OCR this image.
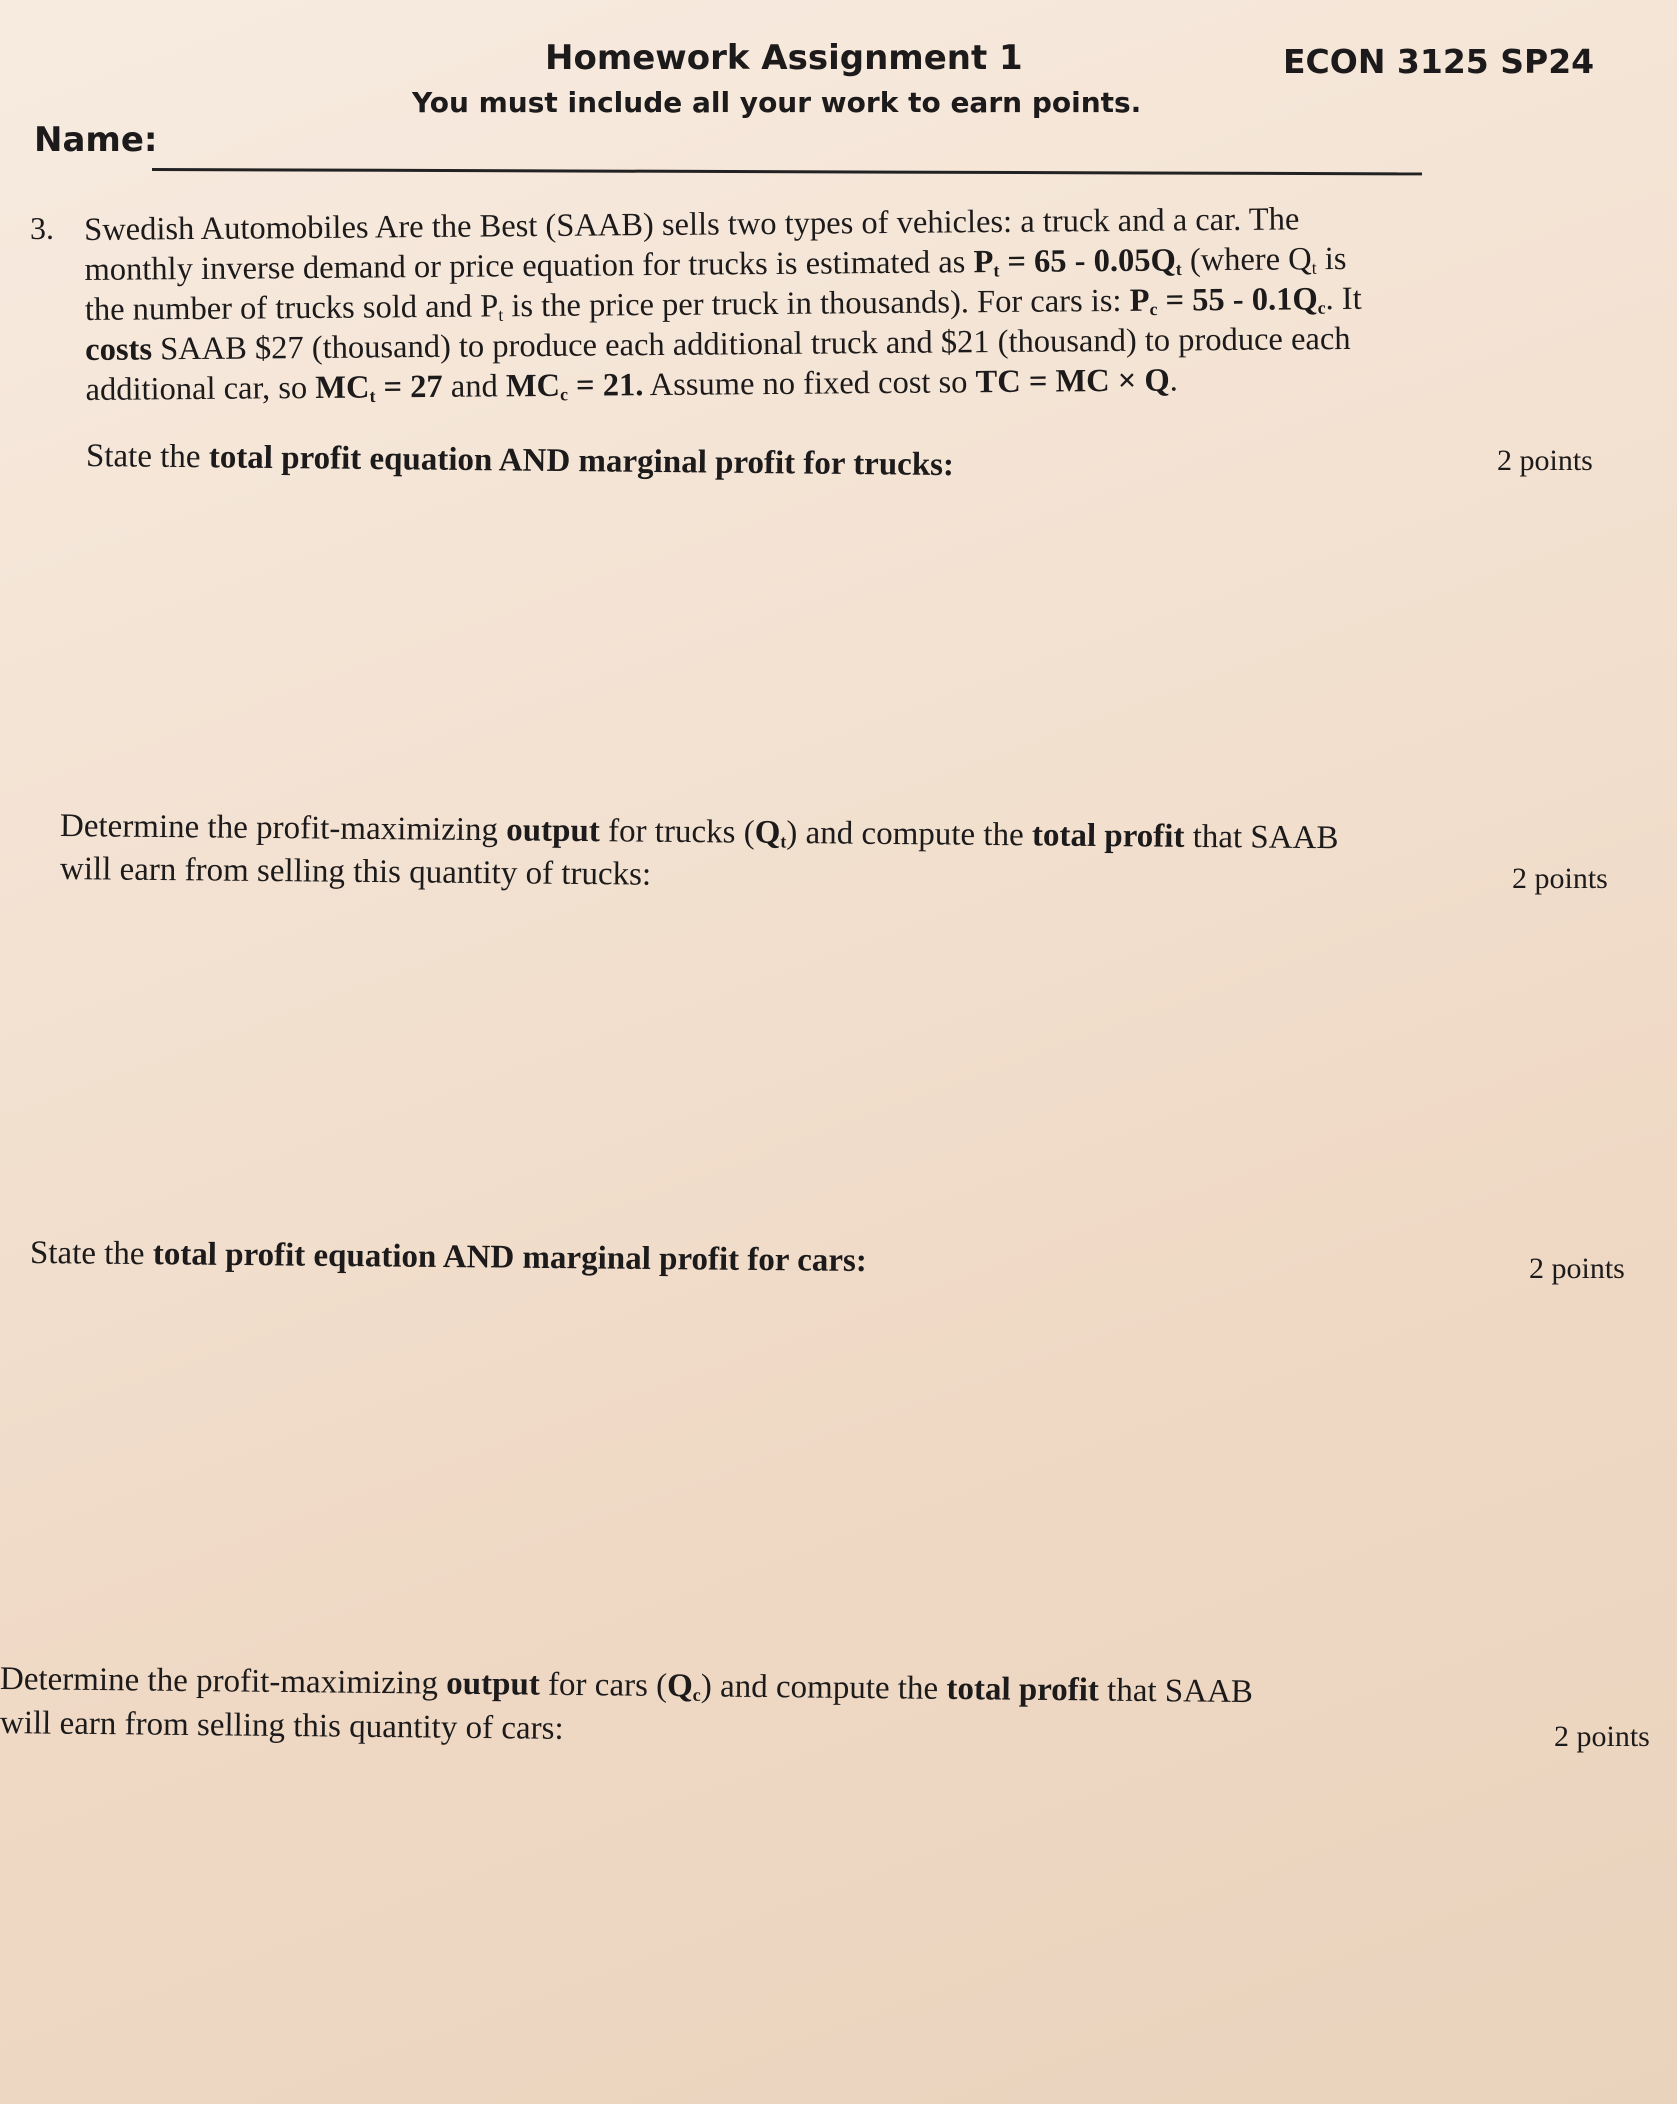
Homework Assignment 1	ECON 3125 SP24
You must include all your work to earn points.
Name:
3. Swedish Automobiles Are the Best (SAAB) sells two types of vehicles: a truck and a car. The
monthly inverse demand or price equation for trucks is estimated as $P_t = 65 - 0.05Q_t$ (where $Q_t$ is
the number of trucks sold and $P_t$ is the price per truck in thousands). For cars is: $P_c = 55 - 0.1Q_c$. It
costs SAAB $27 (thousand) to produce each additional truck and $21 (thousand) to produce each
additional car, so $MC_t = 27$ and $MC_c = 21$. Assume no fixed cost so TC = MC × Q.
State the total profit equation AND marginal profit for trucks:	2 points
Determine the profit-maximizing output for trucks $(Q_t)$ and compute the total profit that SAAB
will earn from selling this quantity of trucks:	2 points
State the total profit equation AND marginal profit for cars:	2 points
Determine the profit-maximizing output for cars $(Q_c)$ and compute the total profit that SAAB
will earn from selling this quantity of cars:	2 points
